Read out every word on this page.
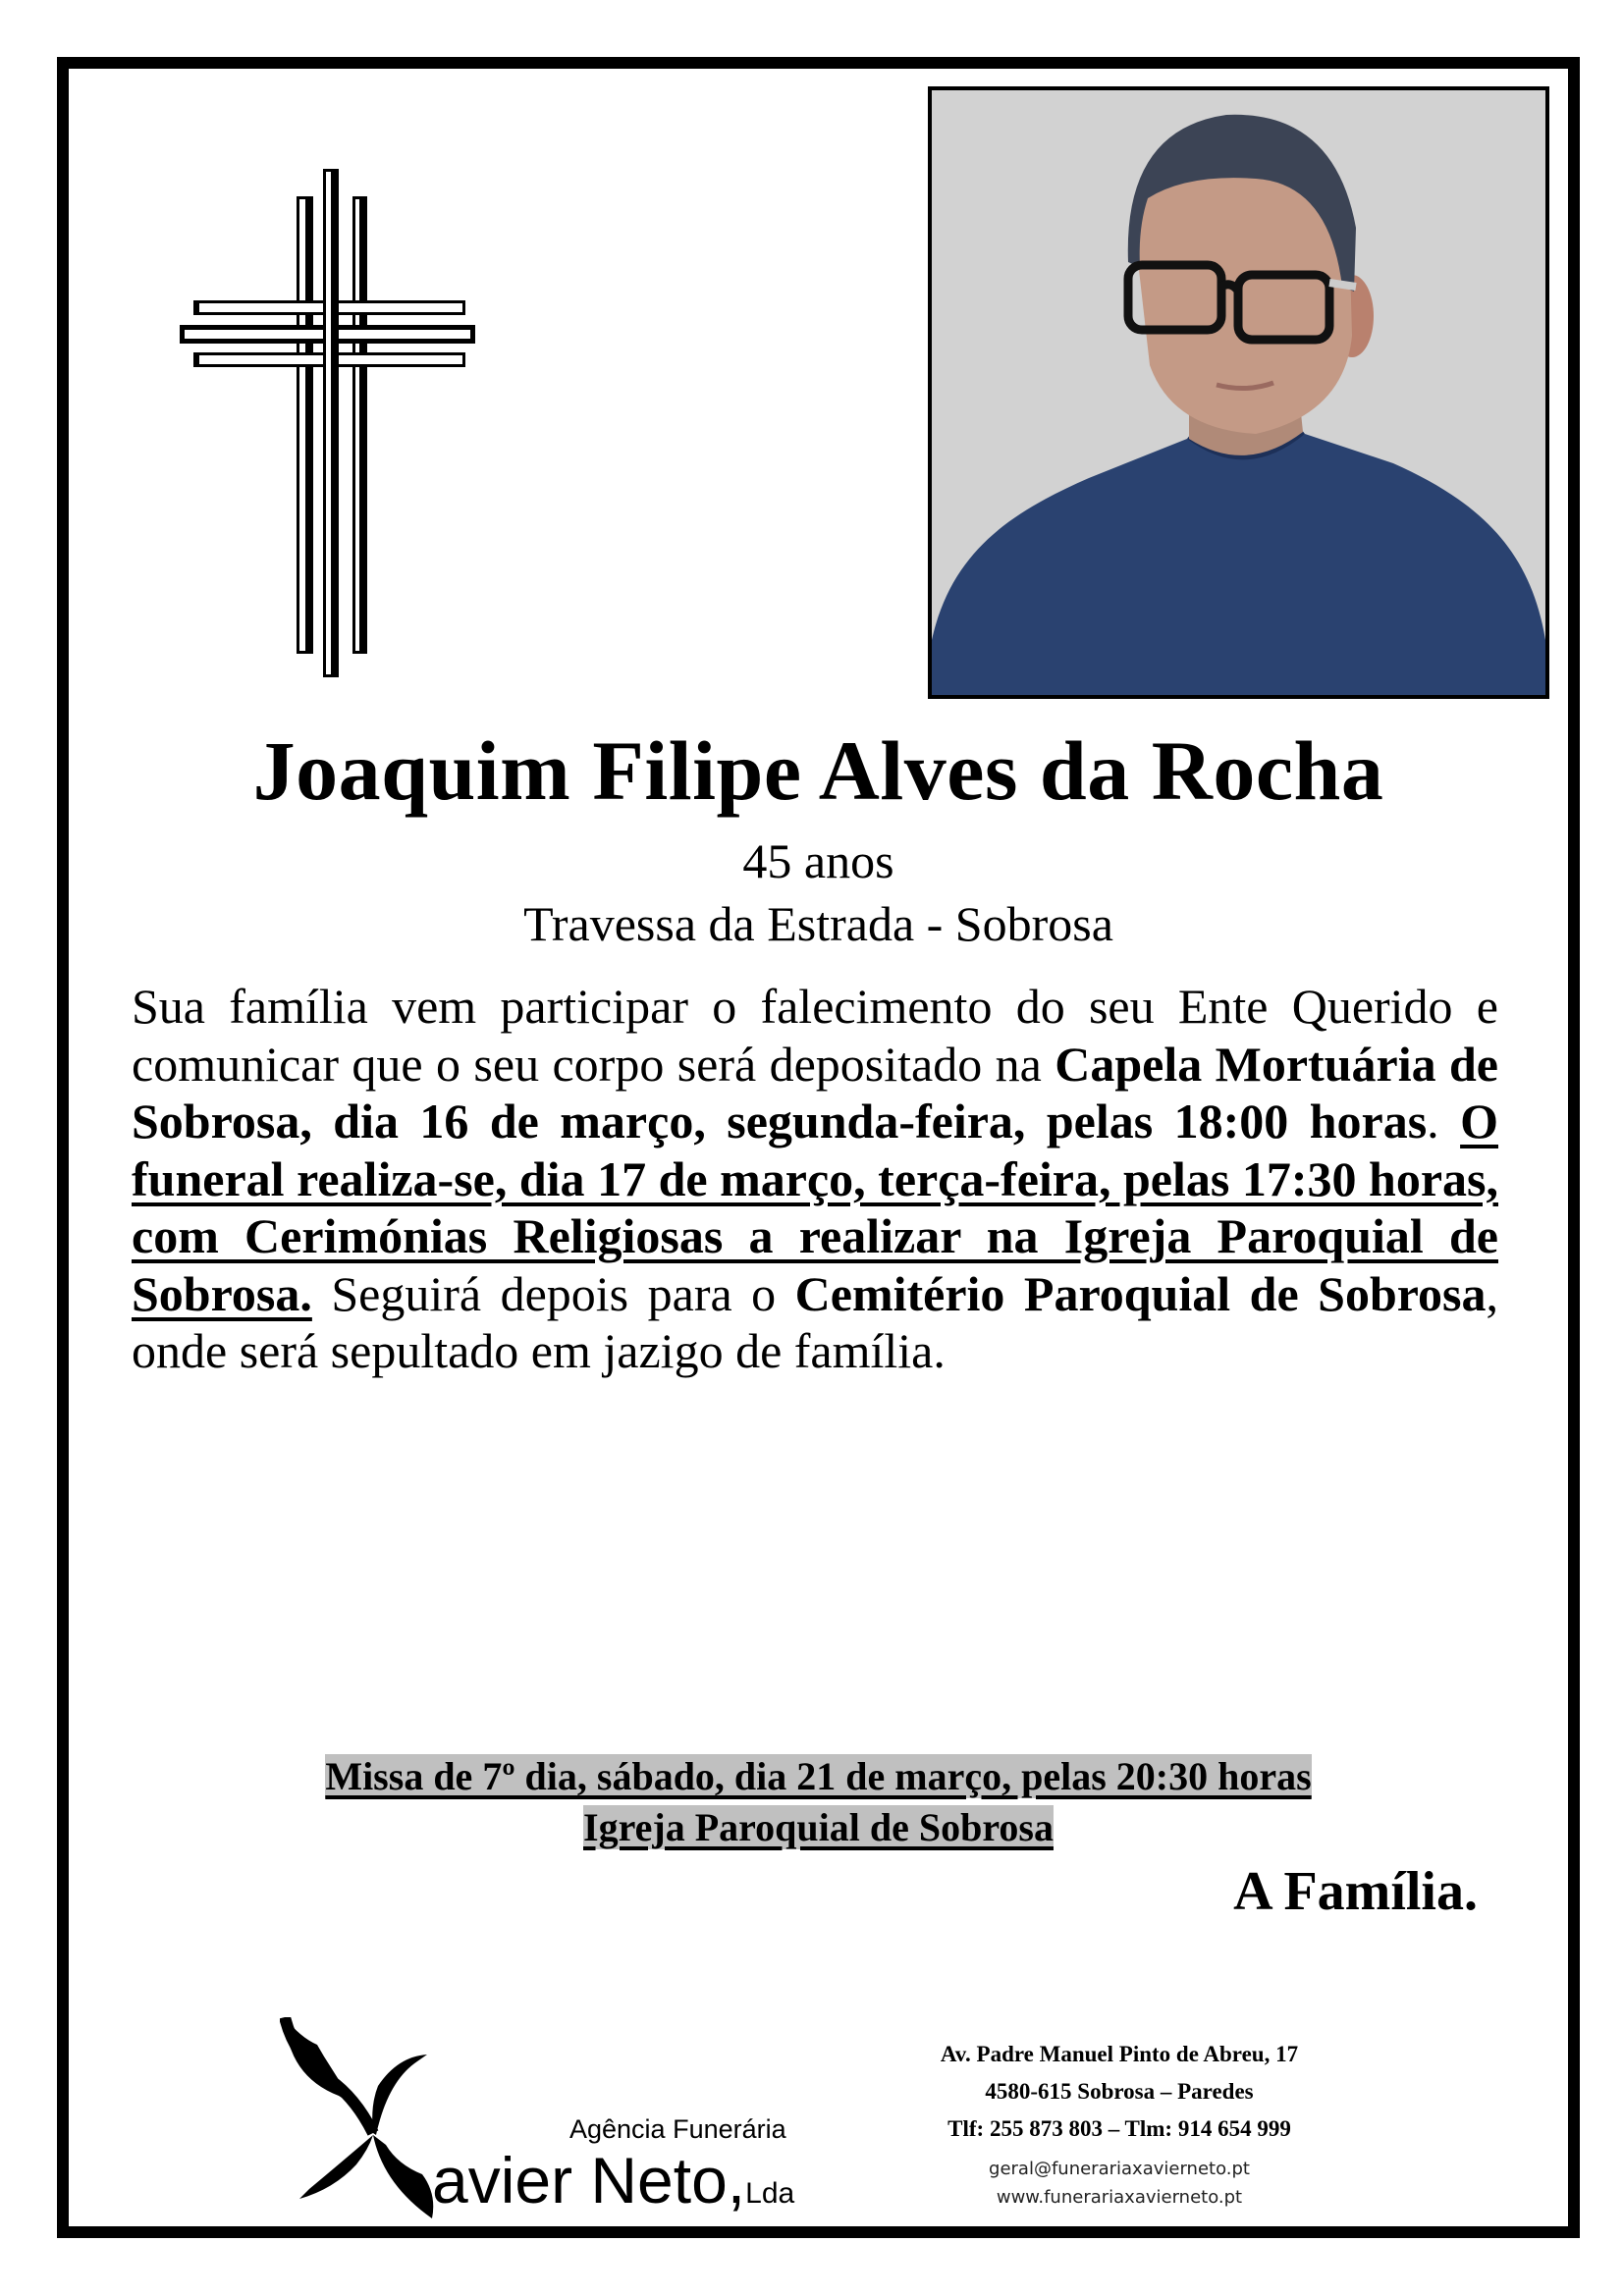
Joaquim Filipe Alves da Rocha
45 anos
Travessa da Estrada - Sobrosa
Sua família vem participar o falecimento do seu Ente Querido e comunicar que o seu corpo será depositado na Capela Mortuária de Sobrosa, dia 16 de março, segunda-feira, pelas 18:00 horas. O funeral realiza-se, dia 17 de março, terça-feira, pelas 17:30 horas, com Cerimónias Religiosas a realizar na Igreja Paroquial de Sobrosa. Seguirá depois para o Cemitério Paroquial de Sobrosa, onde será sepultado em jazigo de família.
Missa de 7º dia, sábado, dia 21 de março, pelas 20:30 horas
Igreja Paroquial de Sobrosa
A Família.
Agência Funerária
avier Neto,Lda
Av. Padre Manuel Pinto de Abreu, 17
4580-615 Sobrosa – Paredes
Tlf: 255 873 803 – Tlm: 914 654 999
geral@funerariaxavierneto.pt
www.funerariaxavierneto.pt
